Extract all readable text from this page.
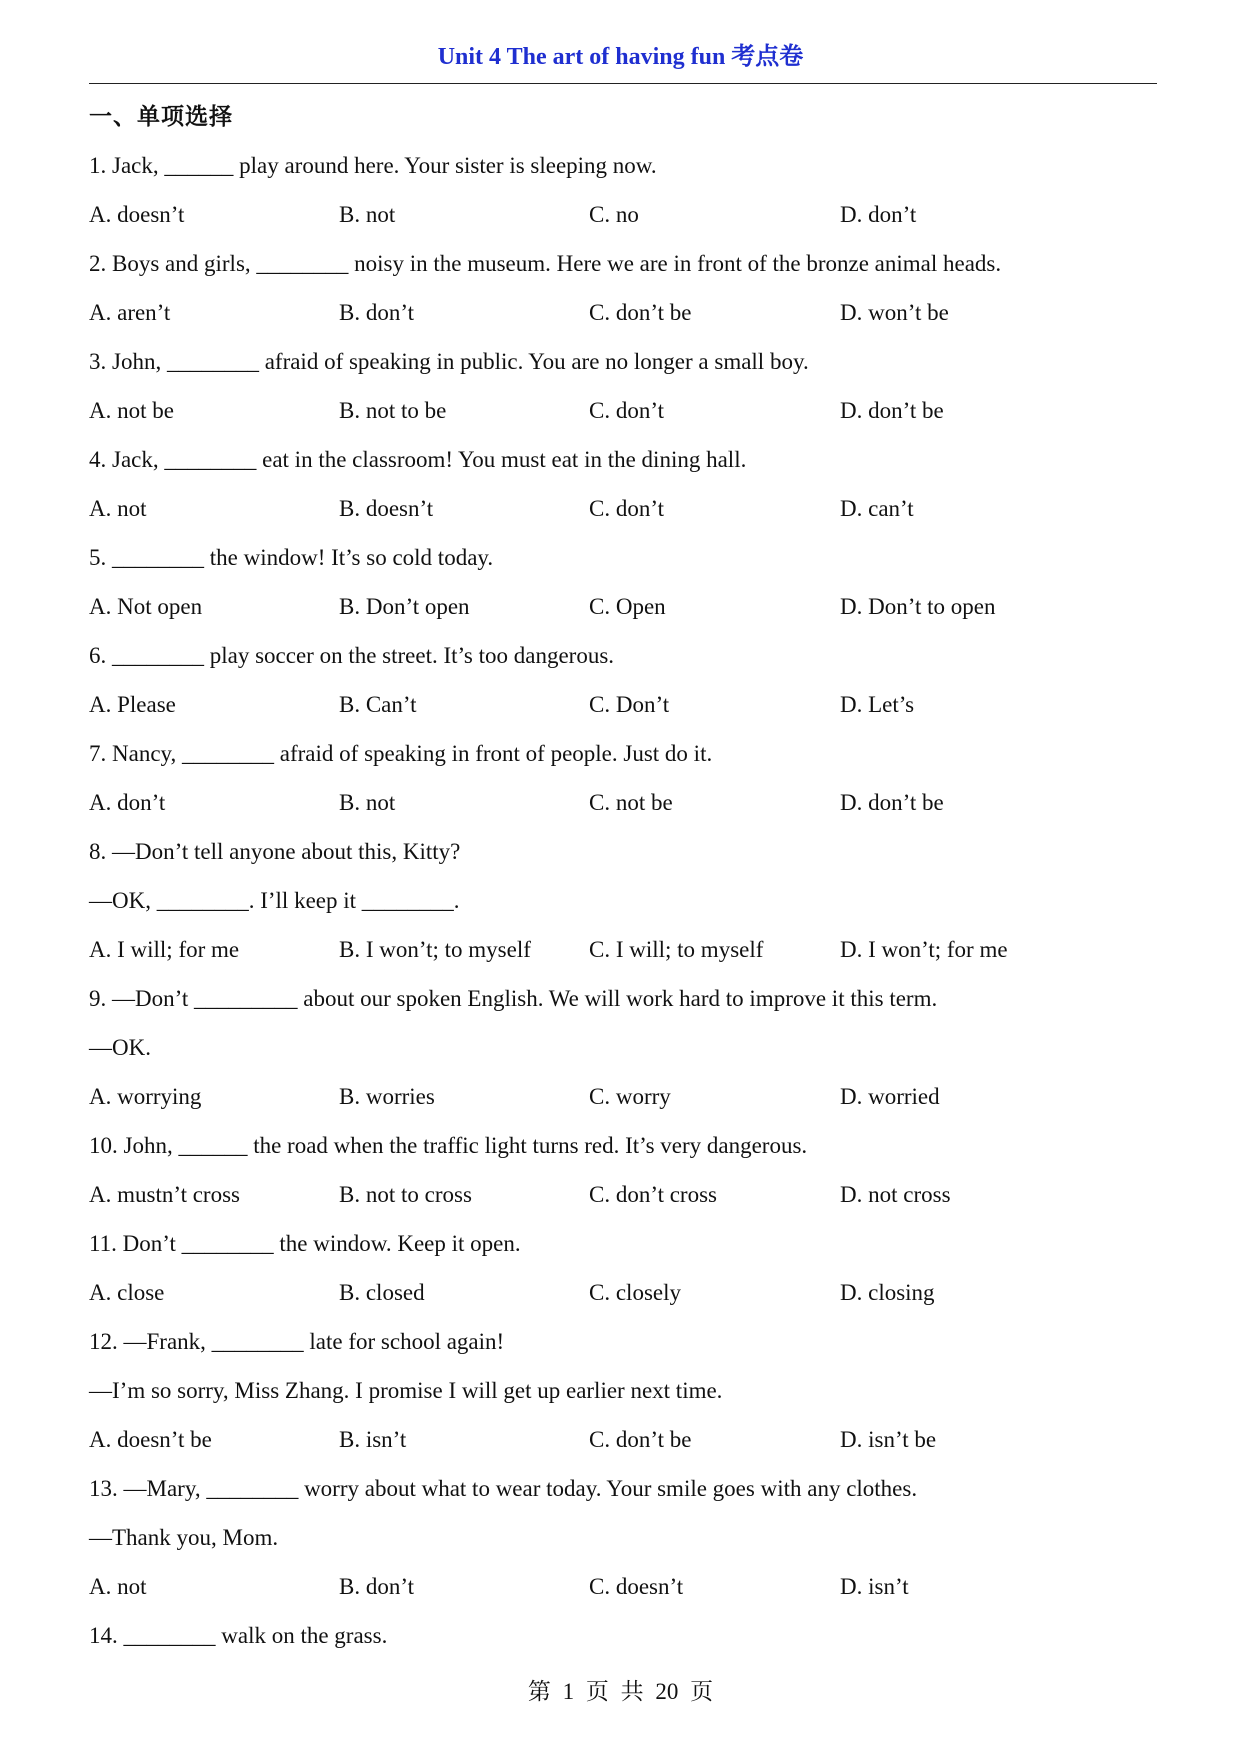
Unit 4 The art of having fun 考点卷
一、单项选择
1. Jack, ______ play around here. Your sister is sleeping now.
A. doesn’t	B. not	C. no	D. don’t
2. Boys and girls, ________ noisy in the museum. Here we are in front of the bronze animal heads.
A. aren’t	B. don’t	C. don’t be	D. won’t be
3. John, ________ afraid of speaking in public. You are no longer a small boy.
A. not be	B. not to be	C. don’t	D. don’t be
4. Jack, ________ eat in the classroom! You must eat in the dining hall.
A. not	B. doesn’t	C. don’t	D. can’t
5. ________ the window! It’s so cold today.
A. Not open	B. Don’t open	C. Open	D. Don’t to open
6. ________ play soccer on the street. It’s too dangerous.
A. Please	B. Can’t	C. Don’t	D. Let’s
7. Nancy, ________ afraid of speaking in front of people. Just do it.
A. don’t	B. not	C. not be	D. don’t be
8. —Don’t tell anyone about this, Kitty?
—OK, ________. I’ll keep it ________.
A. I will; for me	B. I won’t; to myself	C. I will; to myself	D. I won’t; for me
9. —Don’t _________ about our spoken English. We will work hard to improve it this term.
—OK.
A. worrying	B. worries	C. worry	D. worried
10. John, ______ the road when the traffic light turns red. It’s very dangerous.
A. mustn’t cross	B. not to cross	C. don’t cross	D. not cross
11. Don’t ________ the window. Keep it open.
A. close	B. closed	C. closely	D. closing
12. —Frank, ________ late for school again!
—I’m so sorry, Miss Zhang. I promise I will get up earlier next time.
A. doesn’t be	B. isn’t	C. don’t be	D. isn’t be
13. —Mary, ________ worry about what to wear today. Your smile goes with any clothes.
—Thank you, Mom.
A. not	B. don’t	C. doesn’t	D. isn’t
14. ________ walk on the grass.
第 1 页 共 20 页
